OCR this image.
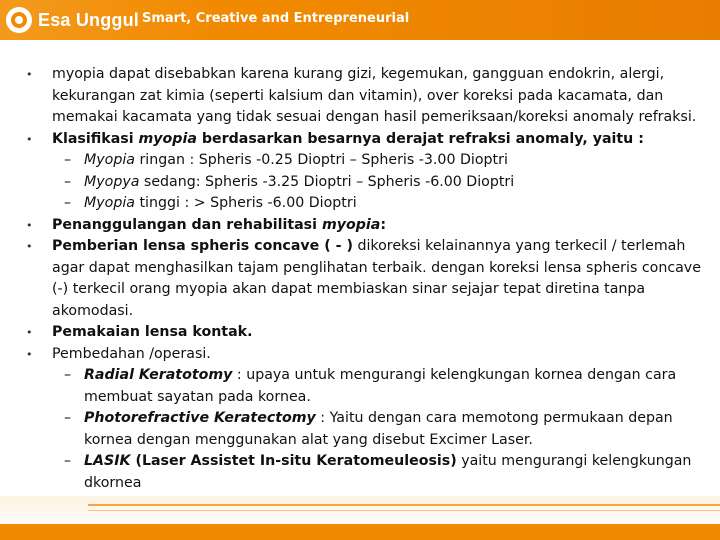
Esa Unggul Smart, Creative and Entrepreneurial
• myopia dapat disebabkan karena kurang gizi, kegemukan, gangguan endokrin, alergi, kekurangan zat kimia (seperti kalsium dan vitamin), over koreksi pada kacamata, dan memakai kacamata yang tidak sesuai dengan hasil pemeriksaan/koreksi anomaly refraksi.
• Klasifikasi myopia berdasarkan besarnya derajat refraksi anomaly, yaitu :
– Myopia ringan : Spheris -0.25 Dioptri – Spheris -3.00 Dioptri
– Myopya sedang: Spheris -3.25 Dioptri – Spheris -6.00 Dioptri
– Myopia tinggi : > Spheris -6.00 Dioptri
• Penanggulangan dan rehabilitasi myopia:
• Pemberian lensa spheris concave ( - ) dikoreksi kelainannya yang terkecil / terlemah agar dapat menghasilkan tajam penglihatan terbaik. dengan koreksi lensa spheris concave (-) terkecil orang myopia akan dapat membiaskan sinar sejajar tepat diretina tanpa akomodasi.
• Pemakaian lensa kontak.
• Pembedahan /operasi.
– Radial Keratotomy : upaya untuk mengurangi kelengkungan kornea dengan cara membuat sayatan pada kornea.
– Photorefractive Keratectomy : Yaitu dengan cara memotong permukaan depan kornea dengan menggunakan alat yang disebut Excimer Laser.
– LASIK (Laser Assistet In-situ Keratomeuleosis) yaitu mengurangi kelengkungan dkornea
